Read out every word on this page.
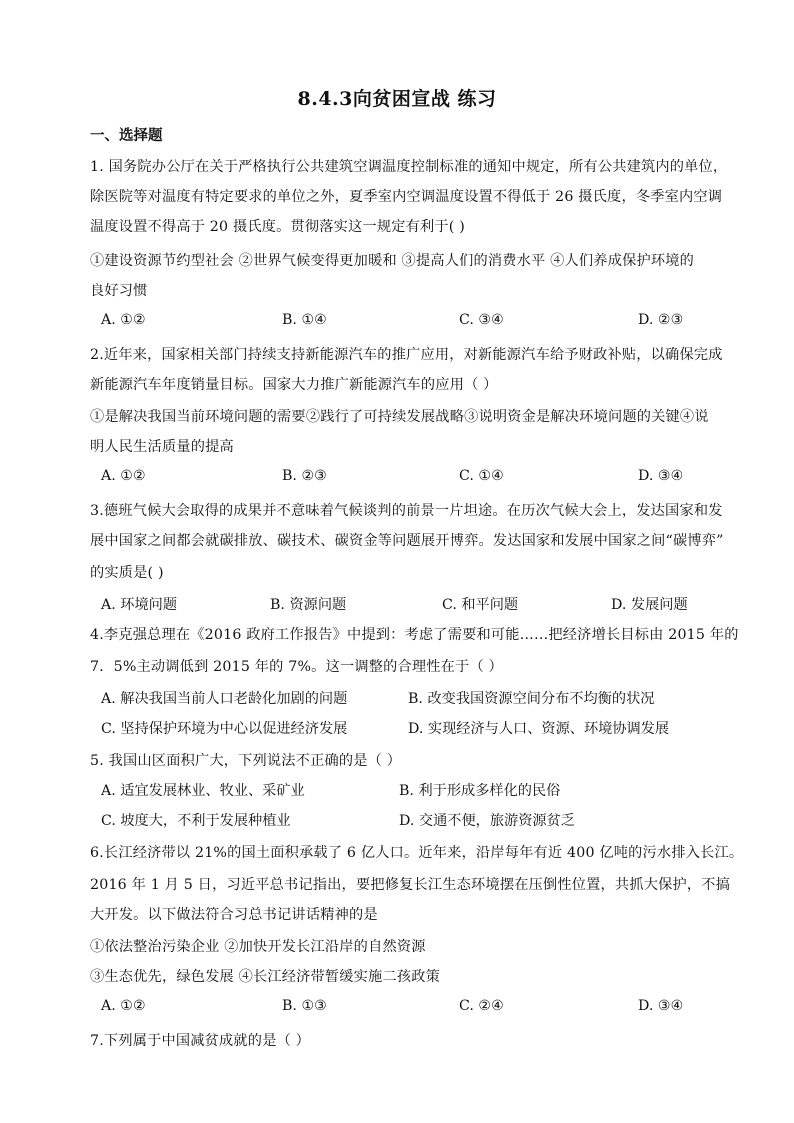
8.4.3向贫困宣战 练习
一、选择题
1. 国务院办公厅在关于严格执行公共建筑空调温度控制标准的通知中规定，所有公共建筑内的单位，
除医院等对温度有特定要求的单位之外，夏季室内空调温度设置不得低于 26 摄氏度，冬季室内空调
温度设置不得高于 20 摄氏度。贯彻落实这一规定有利于( )
①建设资源节约型社会 ②世界气候变得更加暖和 ③提高人们的消费水平 ④人们养成保护环境的
良好习惯
A. ①②	B. ①④	C. ③④	D. ②③
2.近年来，国家相关部门持续支持新能源汽车的推广应用，对新能源汽车给予财政补贴，以确保完成
新能源汽车年度销量目标。国家大力推广新能源汽车的应用（ ）
①是解决我国当前环境问题的需要②践行了可持续发展战略③说明资金是解决环境问题的关键④说
明人民生活质量的提高
A. ①②	B. ②③	C. ①④	D. ③④
3.德班气候大会取得的成果并不意味着气候谈判的前景一片坦途。在历次气候大会上，发达国家和发
展中国家之间都会就碳排放、碳技术、碳资金等问题展开博弈。发达国家和发展中国家之间“碳博弈”
的实质是( )
A. 环境问题	B. 资源问题	C. 和平问题	D. 发展问题
4.李克强总理在《2016 政府工作报告》中提到：考虑了需要和可能……把经济增长目标由 2015 年的
7．5%主动调低到 2015 年的 7%。这一调整的合理性在于（ ）
A. 解决我国当前人口老龄化加剧的问题	B. 改变我国资源空间分布不均衡的状况
C. 坚持保护环境为中心以促进经济发展	D. 实现经济与人口、资源、环境协调发展
5. 我国山区面积广大，下列说法不正确的是（ ）
A. 适宜发展林业、牧业、采矿业	B. 利于形成多样化的民俗
C. 坡度大，不利于发展种植业	D. 交通不便，旅游资源贫乏
6.长江经济带以 21%的国土面积承载了 6 亿人口。近年来，沿岸每年有近 400 亿吨的污水排入长江。
2016 年 1 月 5 日，习近平总书记指出，要把修复长江生态环境摆在压倒性位置，共抓大保护，不搞
大开发。以下做法符合习总书记讲话精神的是
①依法整治污染企业 ②加快开发长江沿岸的自然资源
③生态优先，绿色发展 ④长江经济带暂缓实施二孩政策
A. ①②	B. ①③	C. ②④	D. ③④
7.下列属于中国减贫成就的是（ ）
